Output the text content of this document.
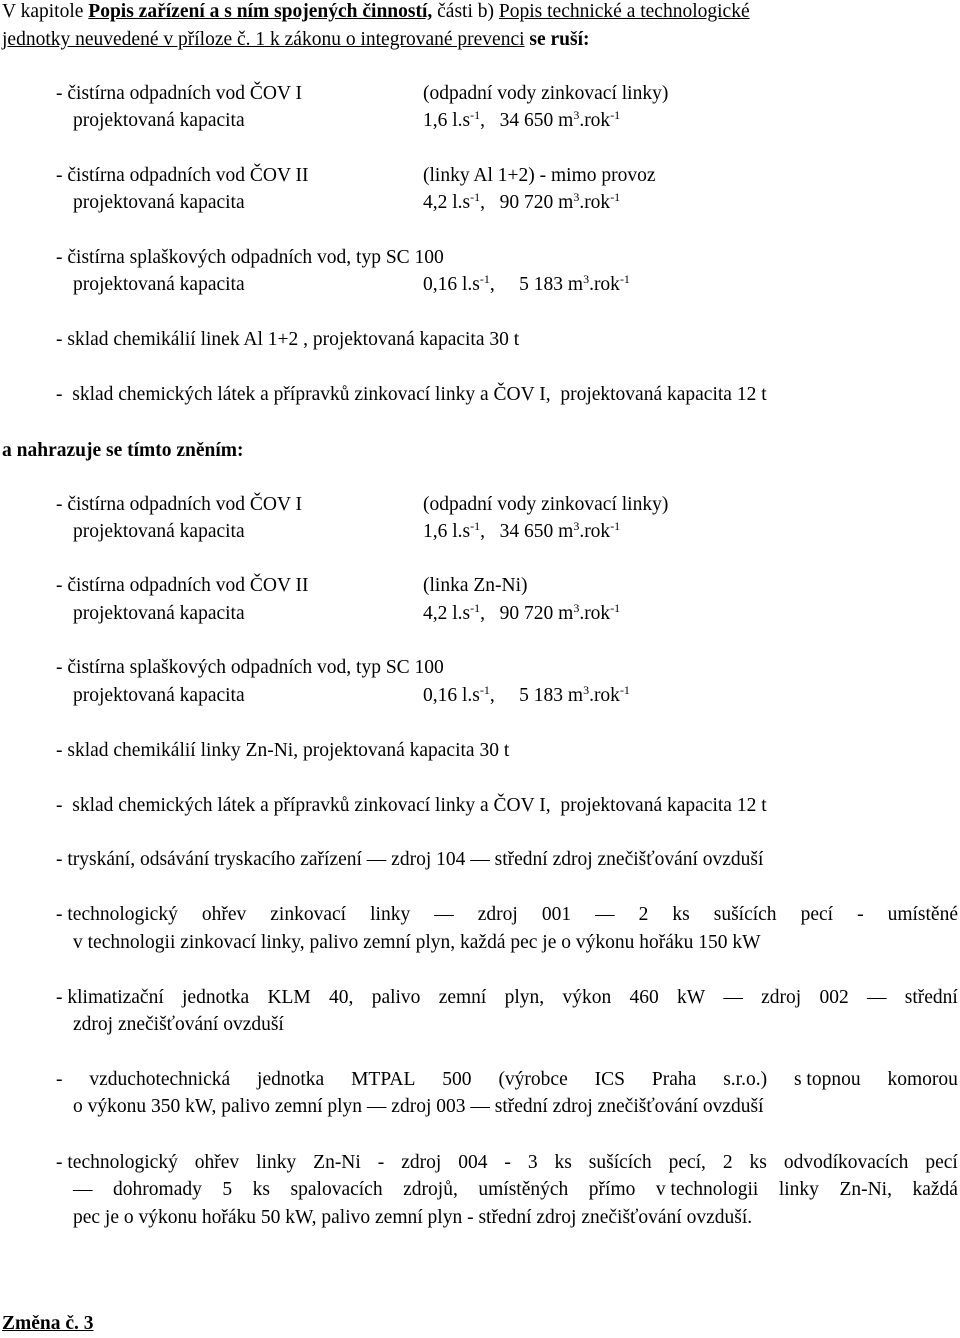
V kapitole Popis zařízení a s ním spojených činností, části b) Popis technické a technologické
jednotky neuvedené v příloze č. 1 k zákonu o integrované prevenci se ruší:
- čistírna odpadních vod ČOV I	(odpadní vody zinkovací linky)
projektovaná kapacita	1,6 $l.s^{-1}$, 34 650 $m^3.rok^{-1}$
- čistírna odpadních vod ČOV II	(linky Al 1+2) - mimo provoz
projektovaná kapacita	4,2 $l.s^{-1}$, 90 720 $m^3.rok^{-1}$
- čistírna splaškových odpadních vod, typ SC 100
projektovaná kapacita	0,16 $l.s^{-1}$, 5 183 $m^3.rok^{-1}$
- sklad chemikálií linek Al 1+2 , projektovaná kapacita 30 t
-  sklad chemických látek a přípravků zinkovací linky a ČOV I,  projektovaná kapacita 12 t
a nahrazuje se tímto zněním:
- čistírna odpadních vod ČOV I	(odpadní vody zinkovací linky)
projektovaná kapacita	1,6 $l.s^{-1}$, 34 650 $m^3.rok^{-1}$
- čistírna odpadních vod ČOV II	(linka Zn-Ni)
projektovaná kapacita	4,2 $l.s^{-1}$, 90 720 $m^3.rok^{-1}$
- čistírna splaškových odpadních vod, typ SC 100
projektovaná kapacita	0,16 $l.s^{-1}$, 5 183 $m^3.rok^{-1}$
- sklad chemikálií linky Zn-Ni, projektovaná kapacita 30 t
-  sklad chemických látek a přípravků zinkovací linky a ČOV I,  projektovaná kapacita 12 t
- tryskání, odsávání tryskacího zařízení — zdroj 104 — střední zdroj znečišťování ovzduší
- technologický ohřev zinkovací linky — zdroj 001 — 2 ks sušících pecí - umístěné
v technologii zinkovací linky, palivo zemní plyn, každá pec je o výkonu hořáku 150 kW
- klimatizační jednotka KLM 40, palivo zemní plyn, výkon 460 kW — zdroj 002 — střední
zdroj znečišťování ovzduší
- vzduchotechnická jednotka MTPAL 500 (výrobce ICS Praha s.r.o.) s topnou komorou
o výkonu 350 kW, palivo zemní plyn — zdroj 003 — střední zdroj znečišťování ovzduší
- technologický ohřev linky Zn-Ni - zdroj 004 - 3 ks sušících pecí, 2 ks odvodíkovacích pecí
— dohromady 5 ks spalovacích zdrojů, umístěných přímo v technologii linky Zn-Ni, každá
pec je o výkonu hořáku 50 kW, palivo zemní plyn - střední zdroj znečišťování ovzduší.
Změna č. 3
